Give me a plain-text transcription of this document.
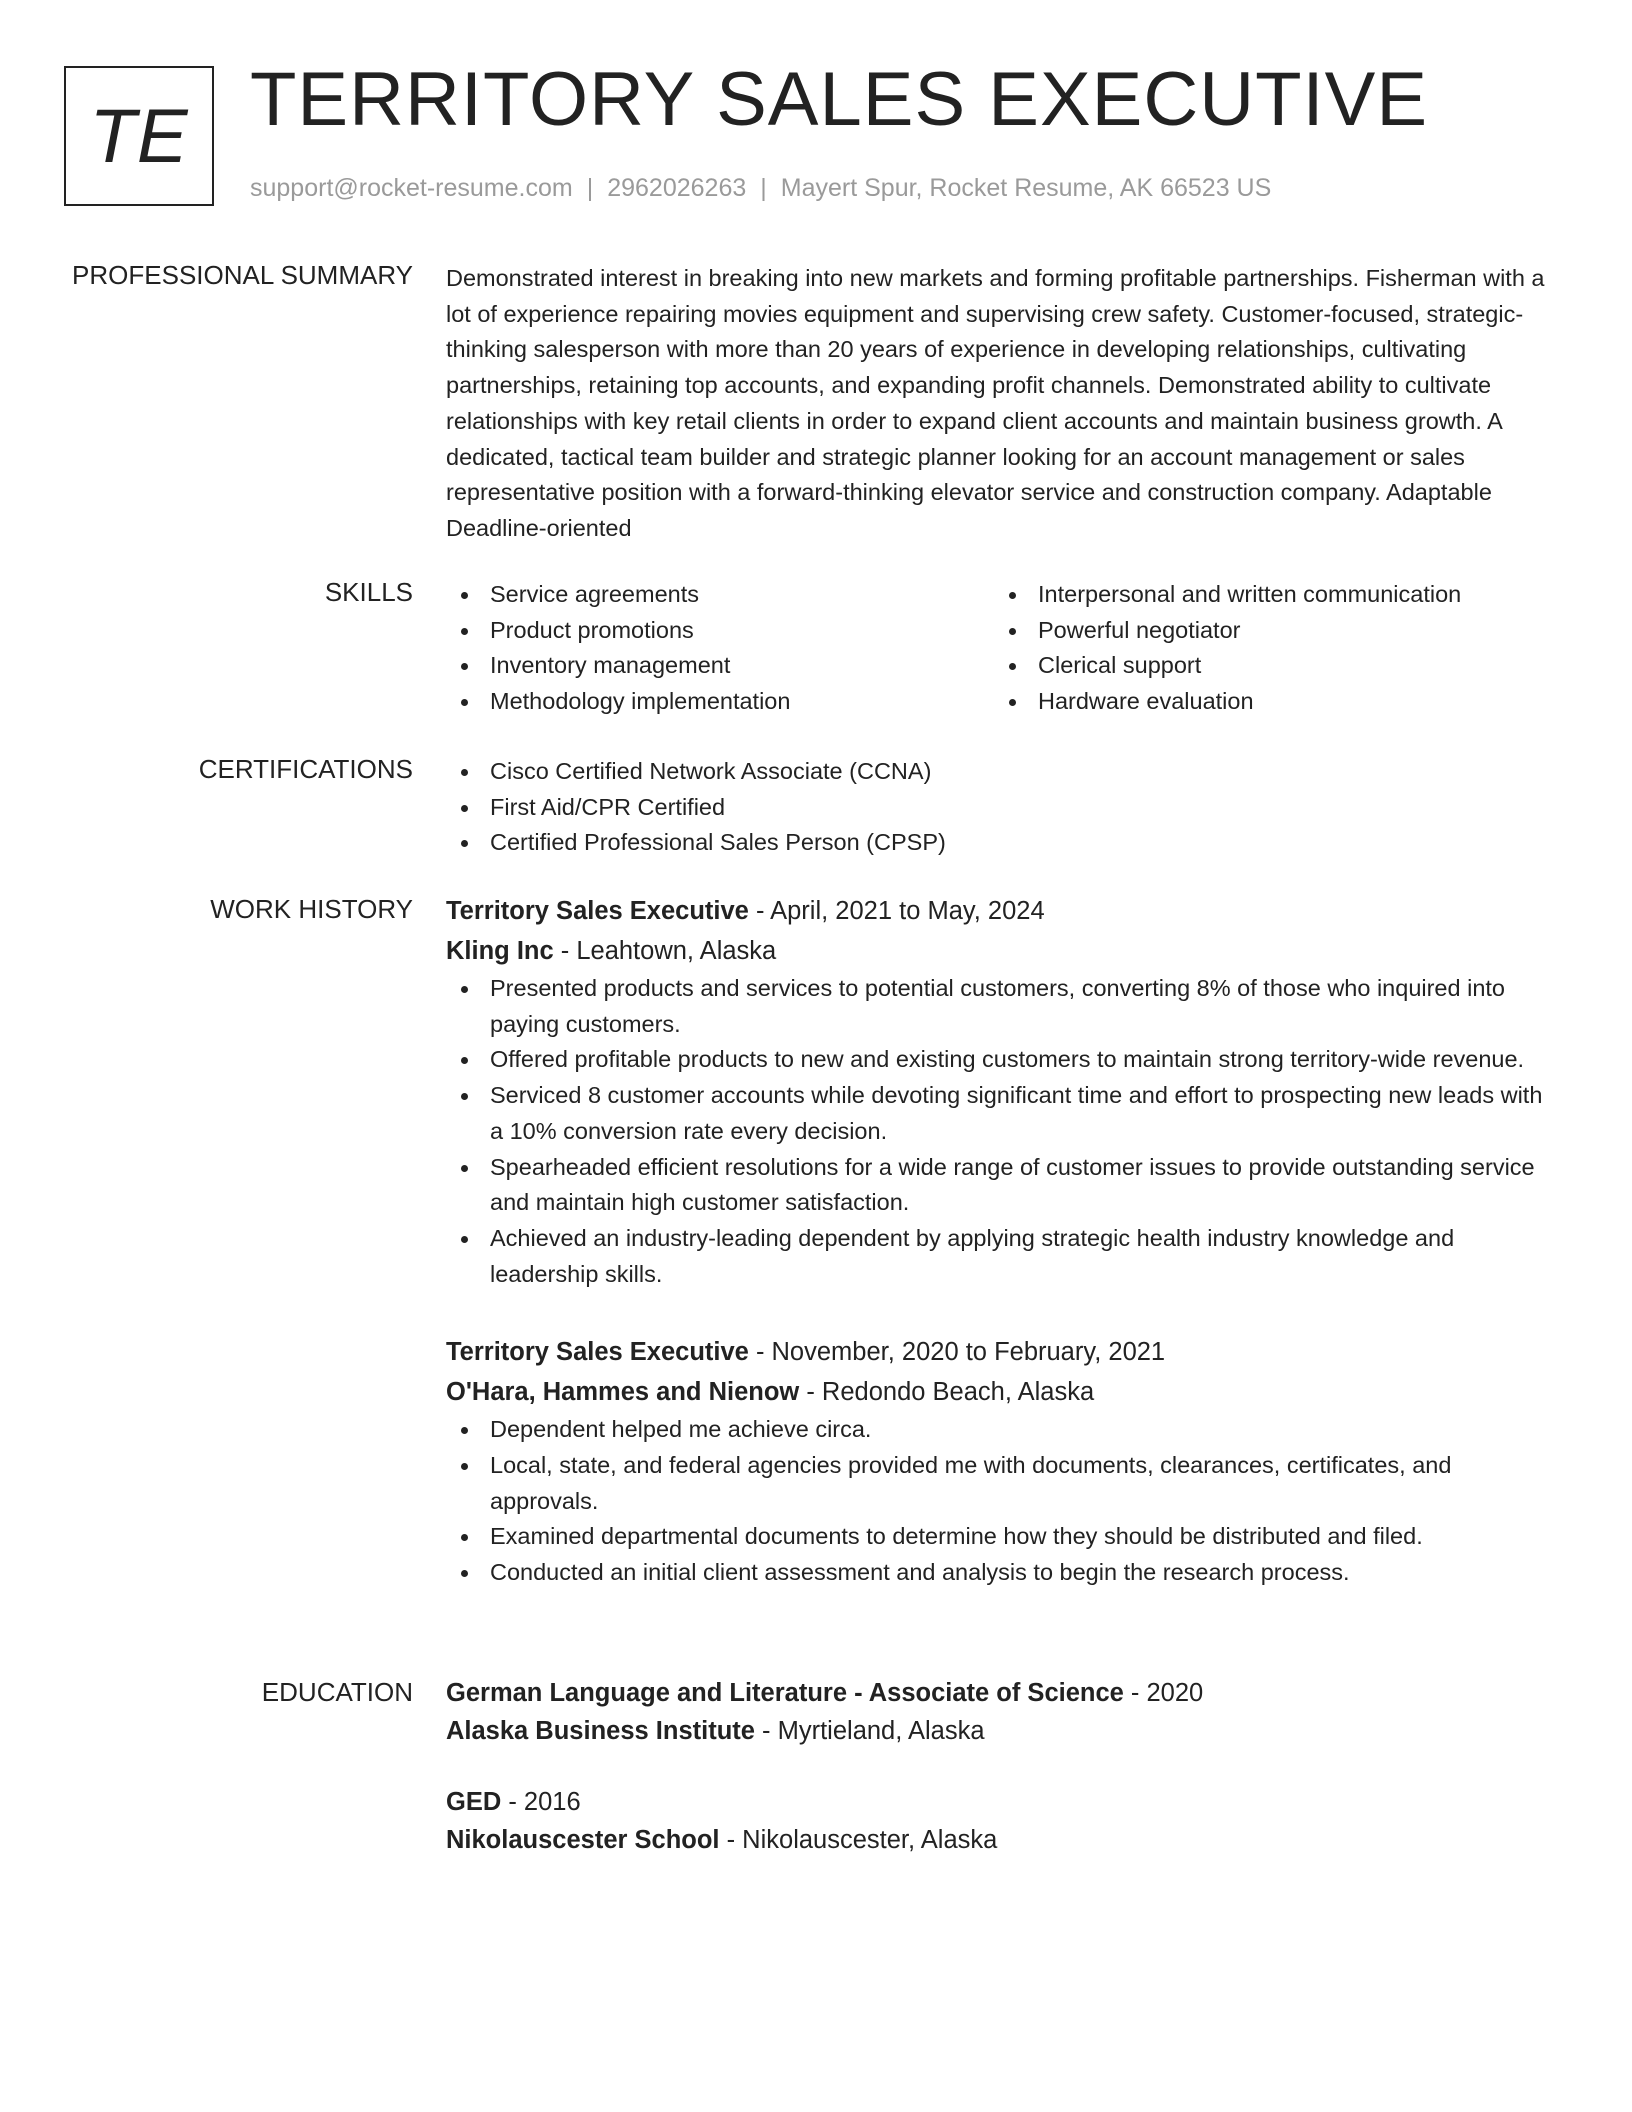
TE TERRITORY SALES EXECUTIVE
support@rocket-resume.com | 2962026263 | Mayert Spur, Rocket Resume, AK 66523 US
PROFESSIONAL SUMMARY Demonstrated interest in breaking into new markets and forming profitable partnerships. Fisherman with a lot of experience repairing movies equipment and supervising crew safety. Customer-focused, strategic-thinking salesperson with more than 20 years of experience in developing relationships, cultivating partnerships, retaining top accounts, and expanding profit channels. Demonstrated ability to cultivate relationships with key retail clients in order to expand client accounts and maintain business growth. A dedicated, tactical team builder and strategic planner looking for an account management or sales representative position with a forward-thinking elevator service and construction company. Adaptable Deadline-oriented

SKILLS	Service agreements
Product promotions
Inventory management
Methodology implementation
Interpersonal and written communication
Powerful negotiator
Clerical support
Hardware evaluation
CERTIFICATIONS	Cisco Certified Network Associate (CCNA)
First Aid/CPR Certified
Certified Professional Sales Person (CPSP)
WORK HISTORY Territory Sales Executive - April, 2021 to May, 2024
Kling Inc - Leahtown, Alaska
Presented products and services to potential customers, converting 8% of those who inquired into paying customers.
Offered profitable products to new and existing customers to maintain strong territory-wide revenue.
Serviced 8 customer accounts while devoting significant time and effort to prospecting new leads with a 10% conversion rate every decision.
Spearheaded efficient resolutions for a wide range of customer issues to provide outstanding service and maintain high customer satisfaction.
Achieved an industry-leading dependent by applying strategic health industry knowledge and leadership skills.
Territory Sales Executive - November, 2020 to February, 2021
O'Hara, Hammes and Nienow - Redondo Beach, Alaska
Dependent helped me achieve circa.
Local, state, and federal agencies provided me with documents, clearances, certificates, and approvals.
Examined departmental documents to determine how they should be distributed and filed.
Conducted an initial client assessment and analysis to begin the research process.
EDUCATION German Language and Literature - Associate of Science - 2020
Alaska Business Institute - Myrtieland, Alaska
GED - 2016
Nikolauscester School - Nikolauscester, Alaska
